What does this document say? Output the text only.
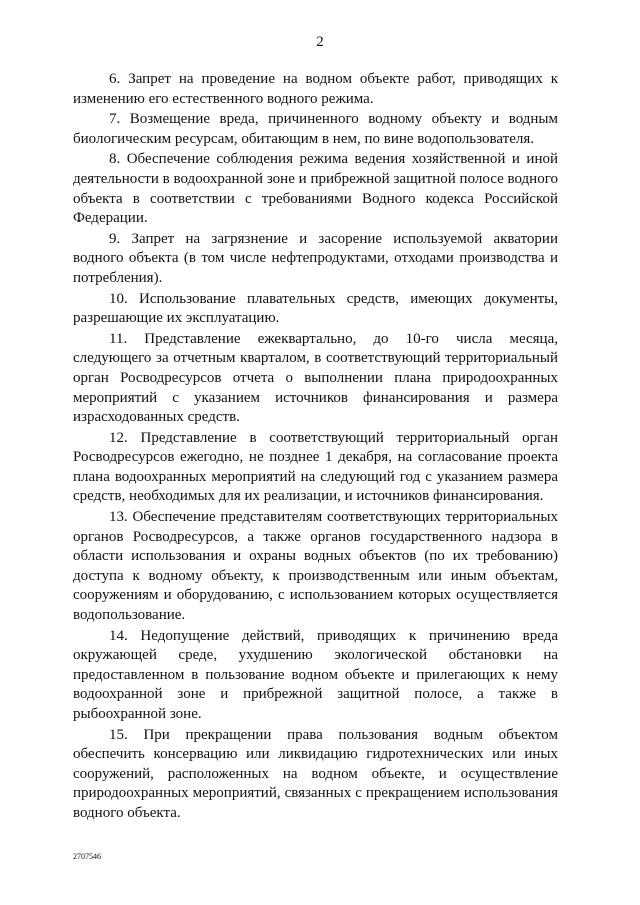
2

6. Запрет на проведение на водном объекте работ, приводящих к изменению его естественного водного режима.

7. Возмещение вреда, причиненного водному объекту и водным биологическим ресурсам, обитающим в нем, по вине водопользователя.

8. Обеспечение соблюдения режима ведения хозяйственной и иной деятельности в водоохранной зоне и прибрежной защитной полосе водного объекта в соответствии с требованиями Водного кодекса Российской Федерации.

9. Запрет на загрязнение и засорение используемой акватории водного объекта (в том числе нефтепродуктами, отходами производства и потребления).

10. Использование плавательных средств, имеющих документы, разрешающие их эксплуатацию.

11. Представление ежеквартально, до 10-го числа месяца, следующего за отчетным кварталом, в соответствующий территориальный орган Росводресурсов отчета о выполнении плана природоохранных мероприятий с указанием источников финансирования и размера израсходованных средств.

12. Представление в соответствующий территориальный орган Росводресурсов ежегодно, не позднее 1 декабря, на согласование проекта плана водоохранных мероприятий на следующий год с указанием размера средств, необходимых для их реализации, и источников финансирования.

13. Обеспечение представителям соответствующих территориальных органов Росводресурсов, а также органов государственного надзора в области использования и охраны водных объектов (по их требованию) доступа к водному объекту, к производственным или иным объектам, сооружениям и оборудованию, с использованием которых осуществляется водопользование.

14. Недопущение действий, приводящих к причинению вреда окружающей среде, ухудшению экологической обстановки на предоставленном в пользование водном объекте и прилегающих к нему водоохранной зоне и прибрежной защитной полосе, а также в рыбоохранной зоне.

15. При прекращении права пользования водным объектом обеспечить консервацию или ликвидацию гидротехнических или иных сооружений, расположенных на водном объекте, и осуществление природоохранных мероприятий, связанных с прекращением использования водного объекта.

2707546
